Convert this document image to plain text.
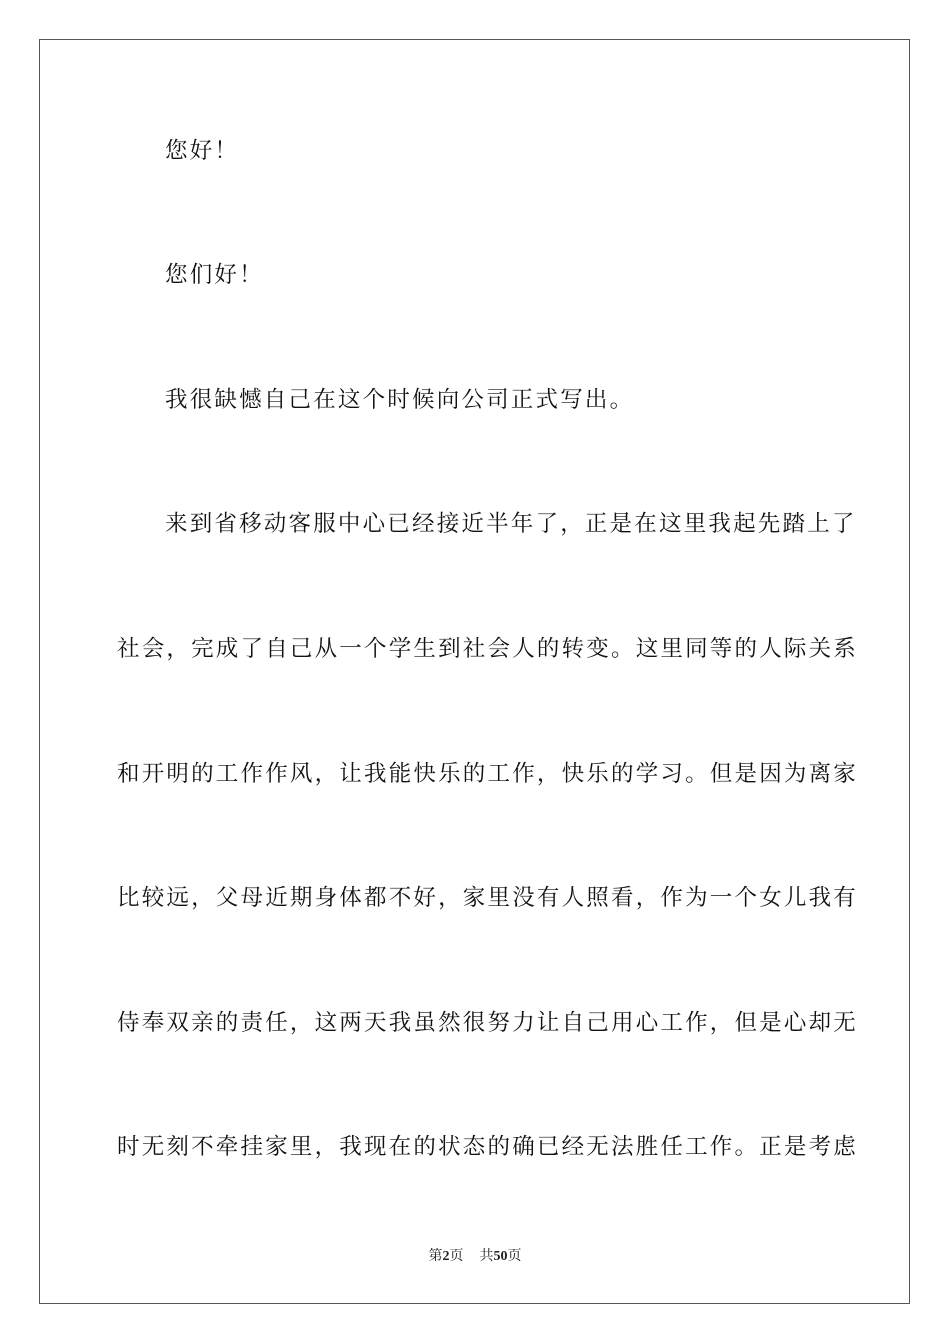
您好！
您们好！
我很缺憾自己在这个时候向公司正式写出。
来到省移动客服中心已经接近半年了，正是在这里我起先踏上了
社会，完成了自己从一个学生到社会人的转变。这里同等的人际关系
和开明的工作作风，让我能快乐的工作，快乐的学习。但是因为离家
比较远，父母近期身体都不好，家里没有人照看，作为一个女儿我有
侍奉双亲的责任，这两天我虽然很努力让自己用心工作，但是心却无
时无刻不牵挂家里，我现在的状态的确已经无法胜任工作。正是考虑
第2页 共50页
